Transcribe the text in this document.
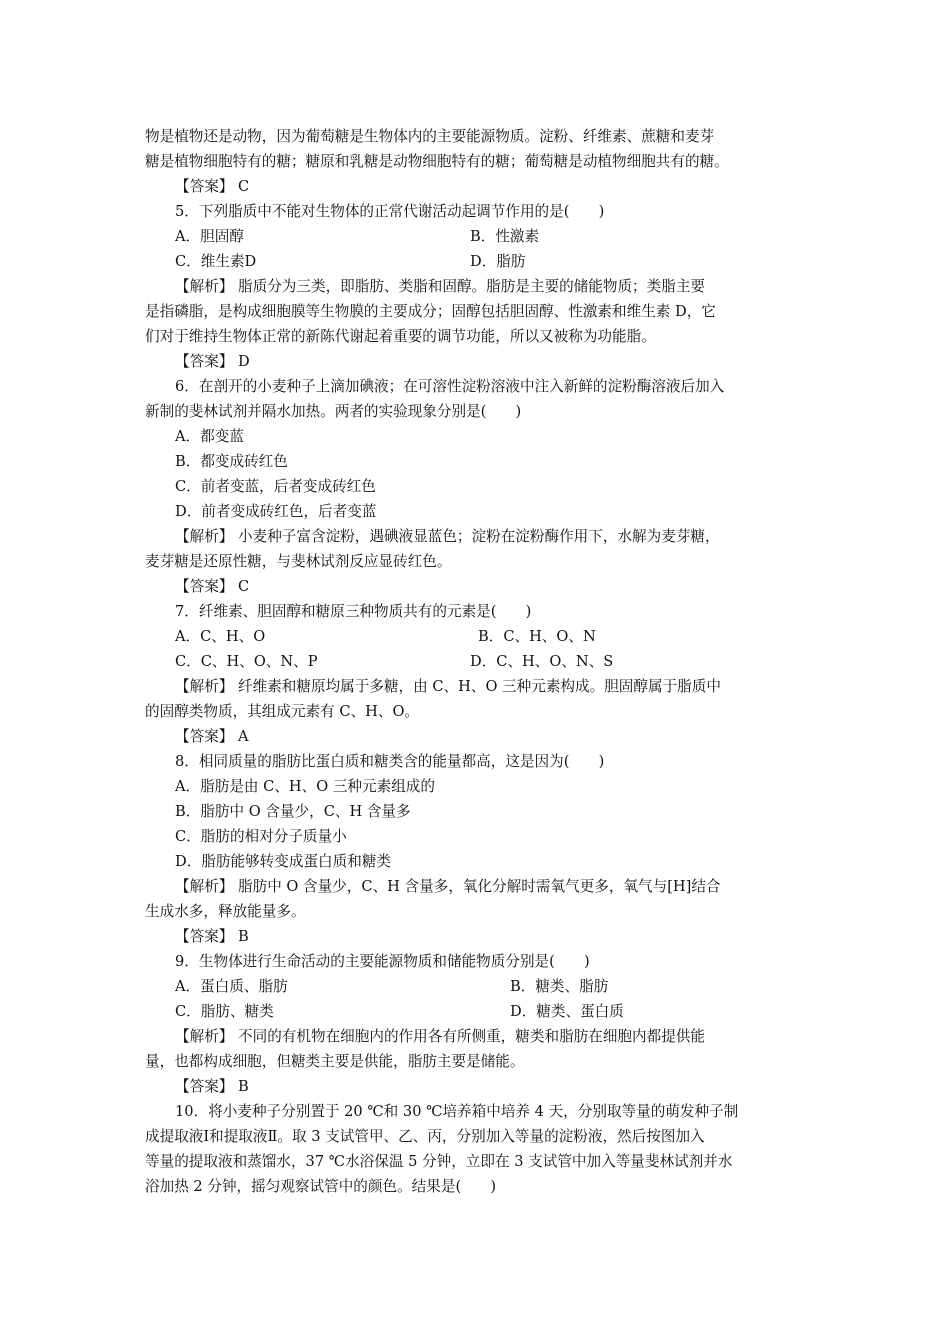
物是植物还是动物，因为葡萄糖是生物体内的主要能源物质。淀粉、纤维素、蔗糖和麦芽
糖是植物细胞特有的糖；糖原和乳糖是动物细胞特有的糖；葡萄糖是动植物细胞共有的糖。
【答案】 C
5．下列脂质中不能对生物体的正常代谢活动起调节作用的是(　　)
A．胆固醇	B．性激素
C．维生素D	D．脂肪
【解析】 脂质分为三类，即脂肪、类脂和固醇。脂肪是主要的储能物质；类脂主要
是指磷脂，是构成细胞膜等生物膜的主要成分；固醇包括胆固醇、性激素和维生素 D，它
们对于维持生物体正常的新陈代谢起着重要的调节功能，所以又被称为功能脂。
【答案】 D
6．在剖开的小麦种子上滴加碘液；在可溶性淀粉溶液中注入新鲜的淀粉酶溶液后加入
新制的斐林试剂并隔水加热。两者的实验现象分别是(　　)
A．都变蓝
B．都变成砖红色
C．前者变蓝，后者变成砖红色
D．前者变成砖红色，后者变蓝
【解析】 小麦种子富含淀粉，遇碘液显蓝色；淀粉在淀粉酶作用下，水解为麦芽糖，
麦芽糖是还原性糖，与斐林试剂反应显砖红色。
【答案】 C
7．纤维素、胆固醇和糖原三种物质共有的元素是(　　)
A．C、H、O	B．C、H、O、N
C．C、H、O、N、P	D．C、H、O、N、S
【解析】 纤维素和糖原均属于多糖，由 C、H、O 三种元素构成。胆固醇属于脂质中
的固醇类物质，其组成元素有 C、H、O。
【答案】 A
8．相同质量的脂肪比蛋白质和糖类含的能量都高，这是因为(　　)
A．脂肪是由 C、H、O 三种元素组成的
B．脂肪中 O 含量少，C、H 含量多
C．脂肪的相对分子质量小
D．脂肪能够转变成蛋白质和糖类
【解析】 脂肪中 O 含量少，C、H 含量多，氧化分解时需氧气更多，氧气与[H]结合
生成水多，释放能量多。
【答案】 B
9．生物体进行生命活动的主要能源物质和储能物质分别是(　　)
A．蛋白质、脂肪	B．糖类、脂肪
C．脂肪、糖类	D．糖类、蛋白质
【解析】 不同的有机物在细胞内的作用各有所侧重，糖类和脂肪在细胞内都提供能
量，也都构成细胞，但糖类主要是供能，脂肪主要是储能。
【答案】 B
10．将小麦种子分别置于 20 ℃和 30 ℃培养箱中培养 4 天，分别取等量的萌发种子制
成提取液Ⅰ和提取液Ⅱ。取 3 支试管甲、乙、丙，分别加入等量的淀粉液，然后按图加入
等量的提取液和蒸馏水，37 ℃水浴保温 5 分钟，立即在 3 支试管中加入等量斐林试剂并水
浴加热 2 分钟，摇匀观察试管中的颜色。结果是(　　)
